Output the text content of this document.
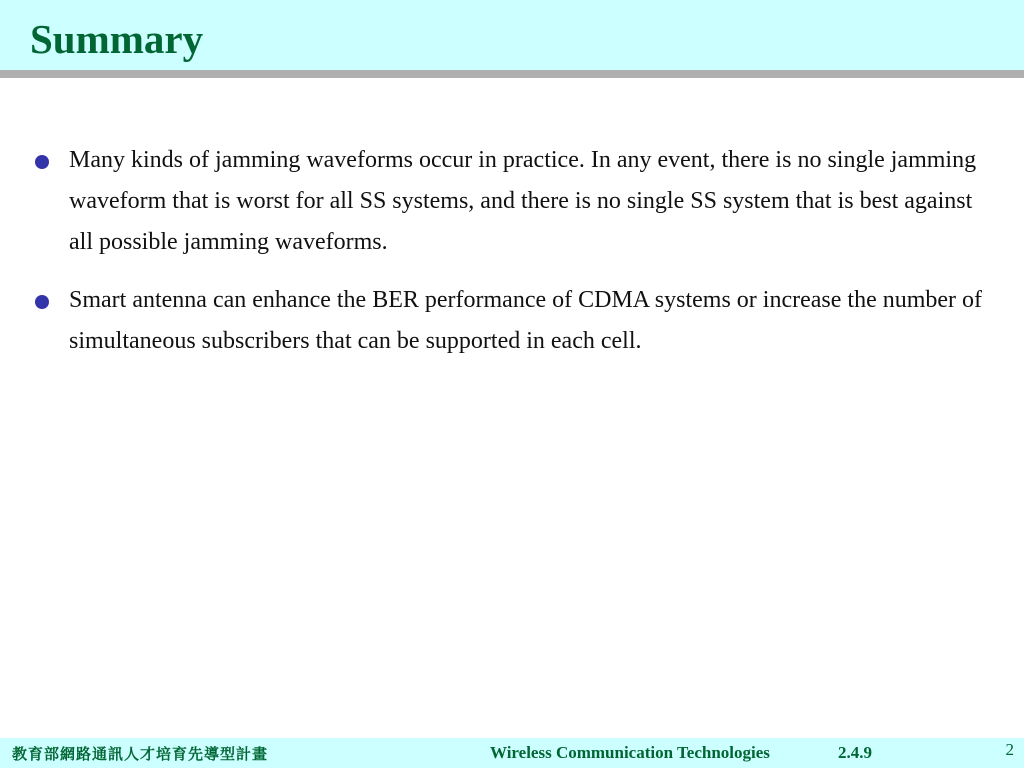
Summary
Many kinds of jamming waveforms occur in practice. In any event, there is no single jamming waveform that is worst for all SS systems, and there is no single SS system that is best against all possible jamming waveforms.
Smart antenna can enhance the BER performance of CDMA systems or increase the number of simultaneous subscribers that can be supported in each cell.
教育部網路通訊人才培育先導型計畫	Wireless Communication Technologies	2.4.9	2
